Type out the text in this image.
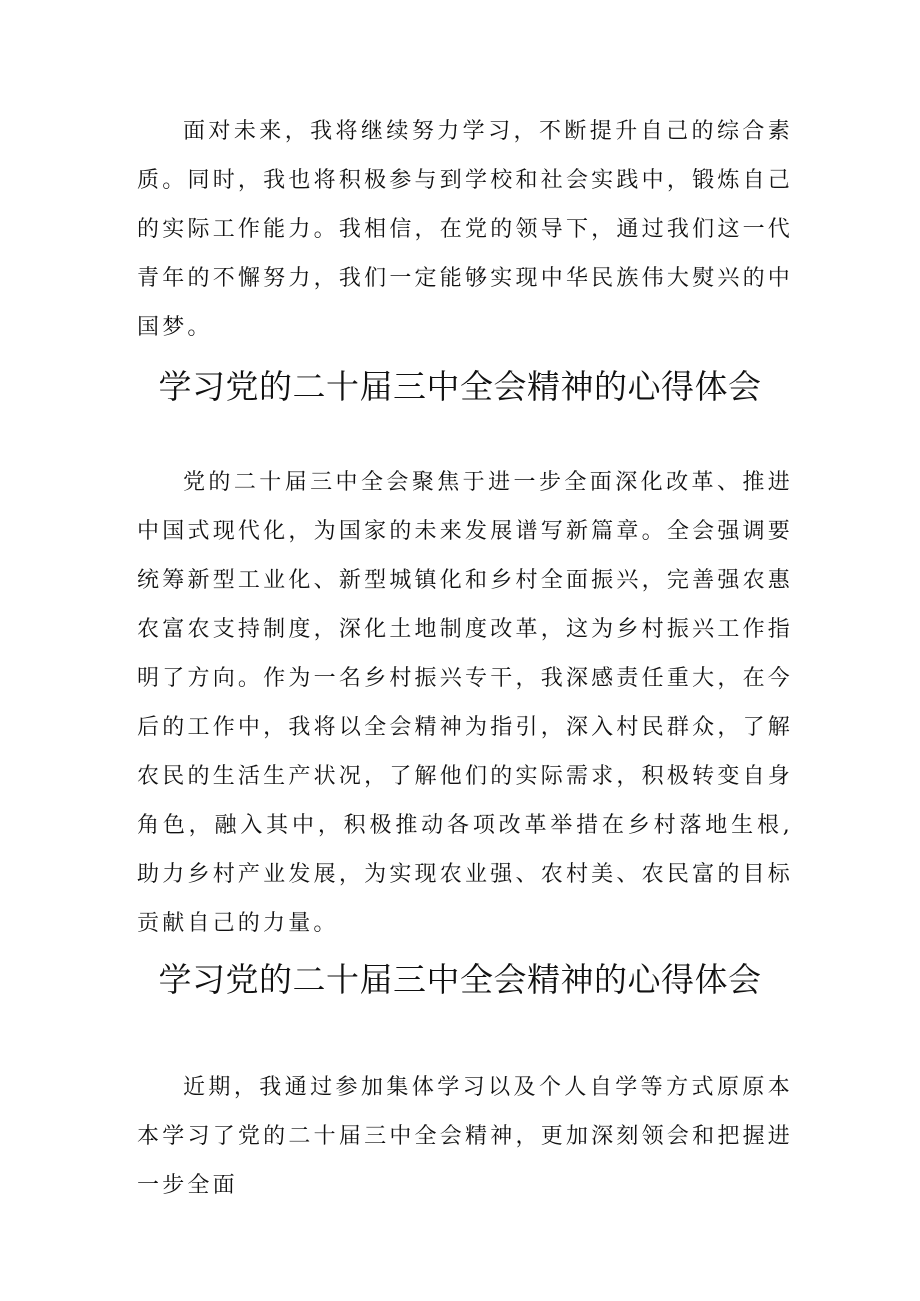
面对未来，我将继续努力学习，不断提升自己的综合素质。同时，我也将积极参与到学校和社会实践中，锻炼自己的实际工作能力。我相信，在党的领导下，通过我们这一代青年的不懈努力，我们一定能够实现中华民族伟大熨兴的中国梦。

学习党的二十届三中全会精神的心得体会

党的二十届三中全会聚焦于进一步全面深化改革、推进中国式现代化，为国家的未来发展谱写新篇章。全会强调要统筹新型工业化、新型城镇化和乡村全面振兴，完善强农惠农富农支持制度，深化土地制度改革，这为乡村振兴工作指明了方向。作为一名乡村振兴专干，我深感责任重大，在今后的工作中，我将以全会精神为指引，深入村民群众，了解农民的生活生产状况，了解他们的实际需求，积极转变自身角色，融入其中，积极推动各项改革举措在乡村落地生根,助力乡村产业发展，为实现农业强、农村美、农民富的目标贡献自己的力量。

学习党的二十届三中全会精神的心得体会

近期，我通过参加集体学习以及个人自学等方式原原本本学习了党的二十届三中全会精神，更加深刻领会和把握进一步全面
